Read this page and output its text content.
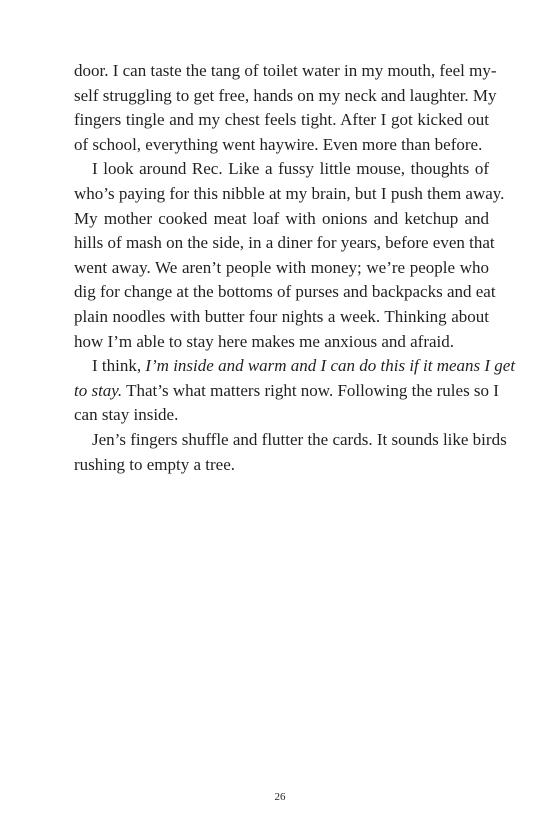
door. I can taste the tang of toilet water in my mouth, feel my-
self struggling to get free, hands on my neck and laughter. My
fingers tingle and my chest feels tight. After I got kicked out
of school, everything went haywire. Even more than before.
I look around Rec. Like a fussy little mouse, thoughts of
who’s paying for this nibble at my brain, but I push them away.
My mother cooked meat loaf with onions and ketchup and
hills of mash on the side, in a diner for years, before even that
went away. We aren’t people with money; we’re people who
dig for change at the bottoms of purses and backpacks and eat
plain noodles with butter four nights a week. Thinking about
how I’m able to stay here makes me anxious and afraid.
I think, I’m inside and warm and I can do this if it means I get
to stay. That’s what matters right now. Following the rules so I
can stay inside.
Jen’s fingers shuffle and flutter the cards. It sounds like birds
rushing to empty a tree.
26
